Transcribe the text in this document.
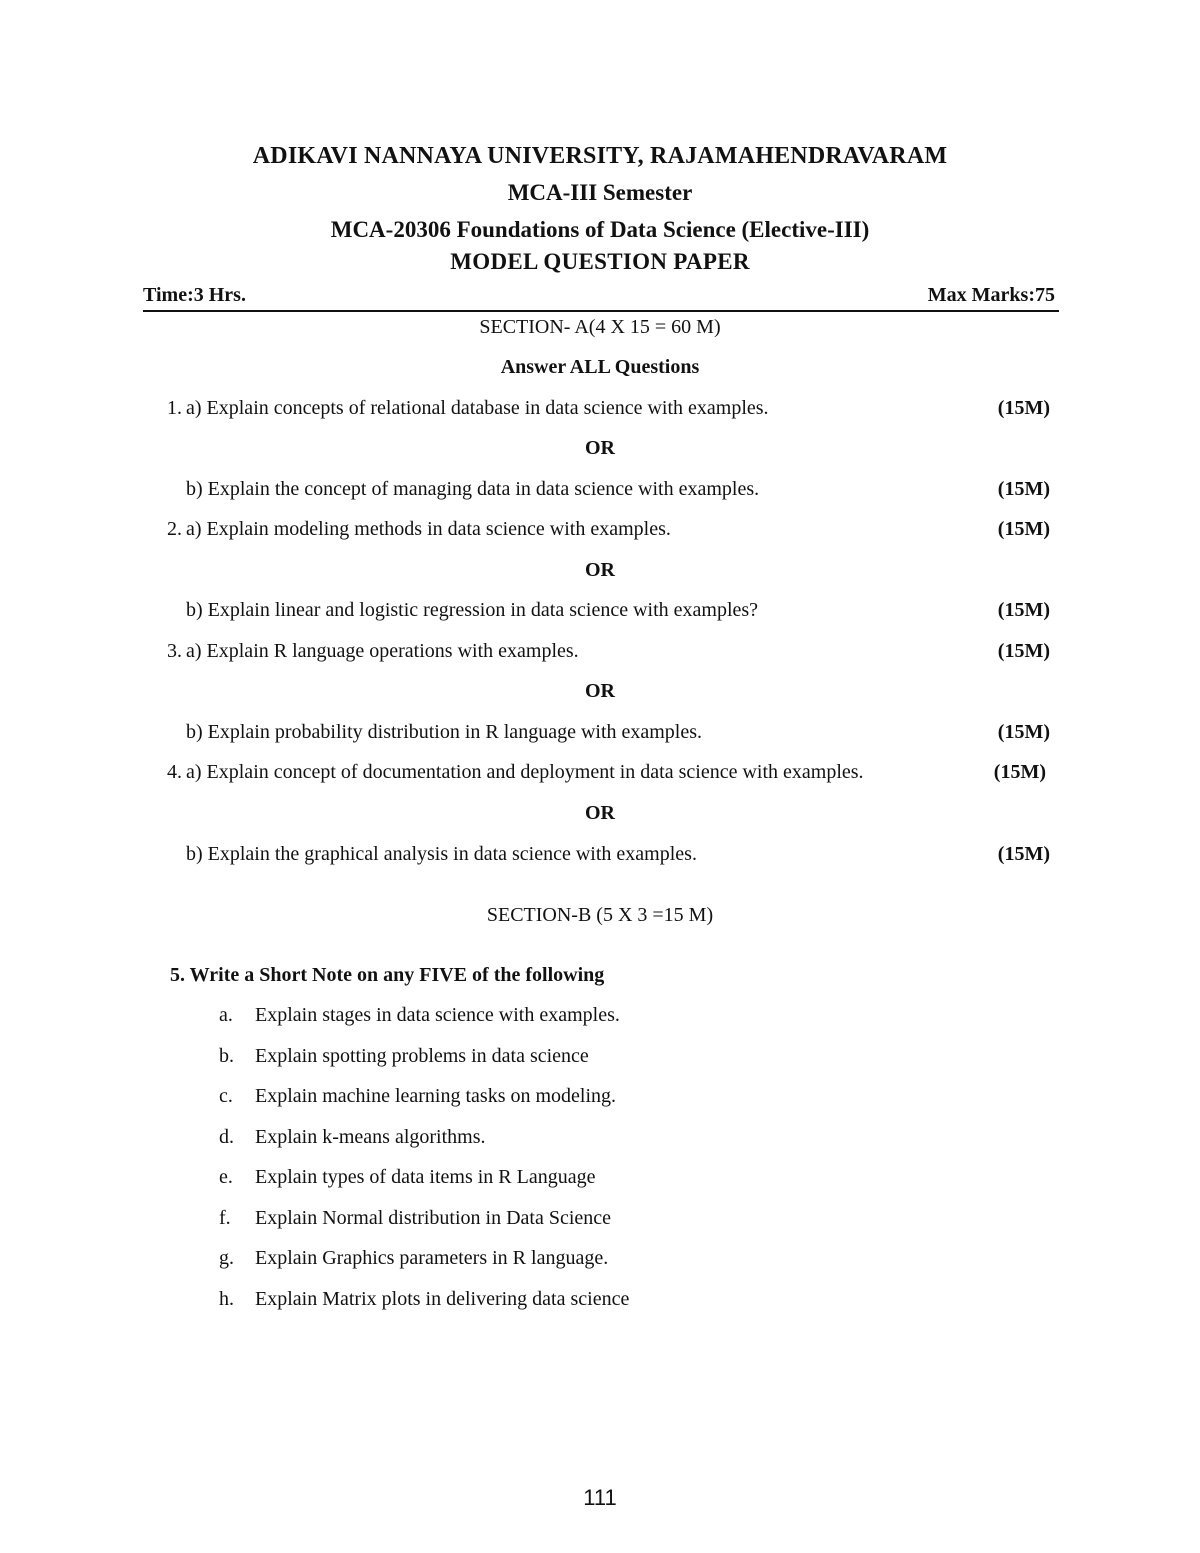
ADIKAVI NANNAYA UNIVERSITY, RAJAMAHENDRAVARAM
MCA-III Semester
MCA-20306 Foundations of Data Science (Elective-III)
MODEL QUESTION PAPER
Time:3 Hrs.	Max Marks:75
SECTION- A(4 X 15 = 60 M)
Answer ALL Questions
1. a) Explain concepts of relational database in data science with examples.	(15M)
OR
b) Explain the concept of managing data in data science with examples.	(15M)
2. a) Explain modeling methods in data science with examples.	(15M)
OR
b) Explain linear and logistic regression in data science with examples?	(15M)
3. a) Explain R language operations with examples.	(15M)
OR
b) Explain probability distribution in R language with examples.	(15M)
4. a) Explain concept of documentation and deployment in data science with examples.	(15M)
OR
b) Explain the graphical analysis in data science with examples.	(15M)
SECTION-B (5 X 3 =15 M)
5. Write a Short Note on any FIVE of the following
a. Explain stages in data science with examples.
b. Explain spotting problems in data science
c. Explain machine learning tasks on modeling.
d. Explain k-means algorithms.
e. Explain types of data items in R Language
f. Explain Normal distribution in Data Science
g. Explain Graphics parameters in R language.
h. Explain Matrix plots in delivering data science
111
